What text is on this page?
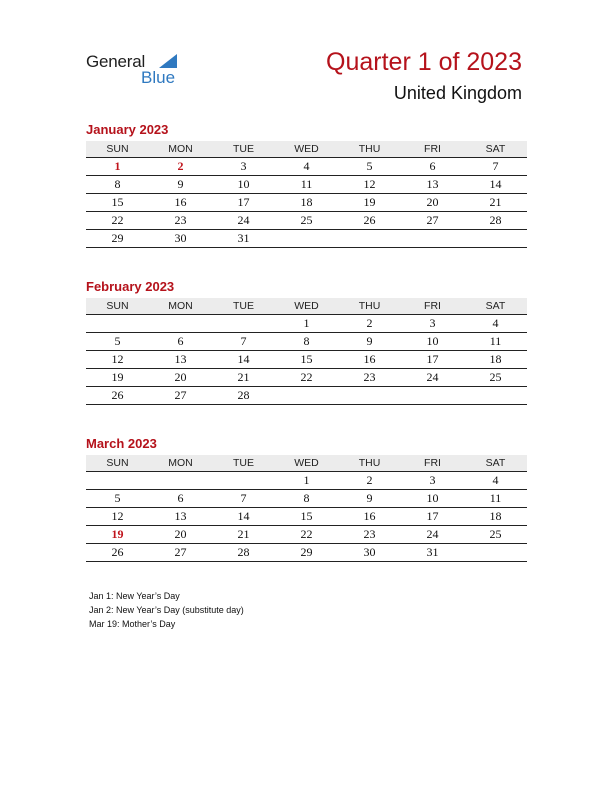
General
Blue
Quarter 1 of 2023
United Kingdom
January 2023
SUN	MON	TUE	WED	THU	FRI	SAT
1	2	3	4	5	6	7
8	9	10	11	12	13	14
15	16	17	18	19	20	21
22	23	24	25	26	27	28
29	30	31				
February 2023
SUN	MON	TUE	WED	THU	FRI	SAT
			1	2	3	4
5	6	7	8	9	10	11
12	13	14	15	16	17	18
19	20	21	22	23	24	25
26	27	28				
March 2023
SUN	MON	TUE	WED	THU	FRI	SAT
			1	2	3	4
5	6	7	8	9	10	11
12	13	14	15	16	17	18
19	20	21	22	23	24	25
26	27	28	29	30	31	
Jan 1: New Year’s Day
Jan 2: New Year’s Day (substitute day)
Mar 19: Mother’s Day
